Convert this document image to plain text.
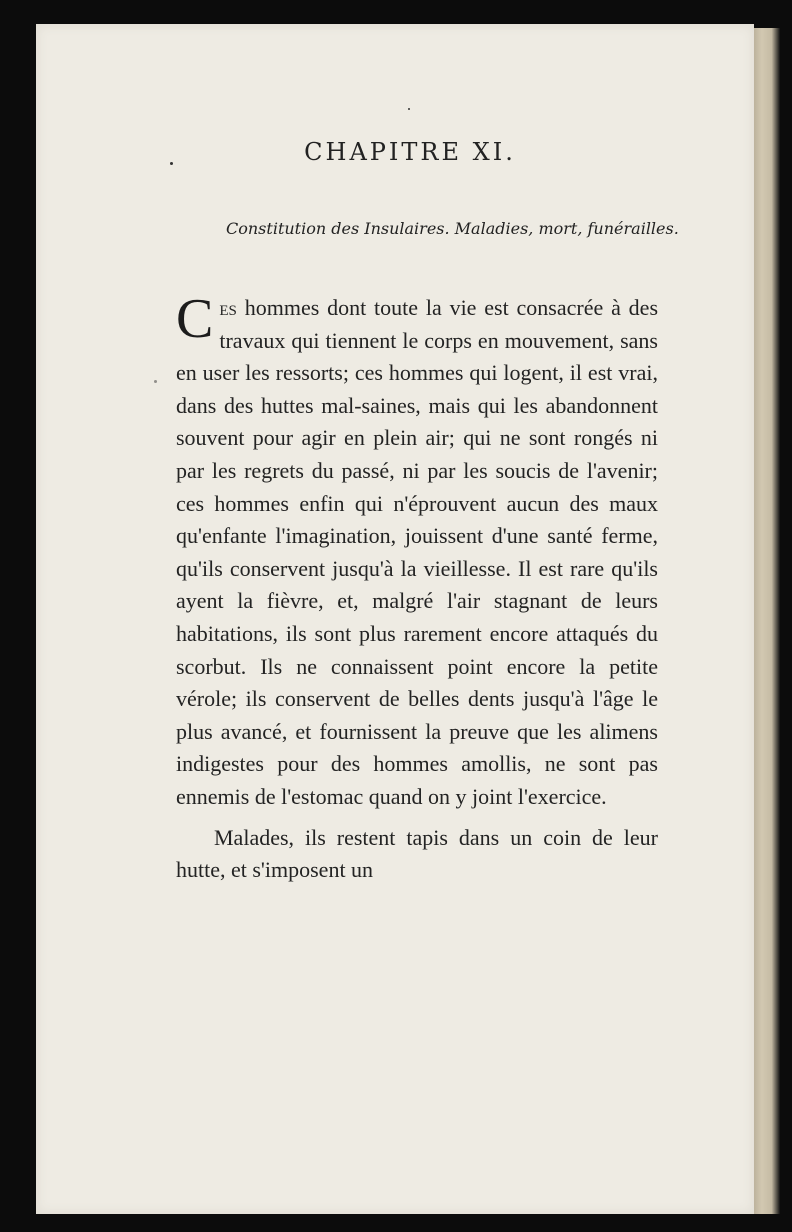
CHAPITRE XI.
Constitution des Insulaires. Maladies, mort, funérailles.

Ces hommes dont toute la vie est consacrée à des travaux qui tiennent le corps en mouvement, sans en user les ressorts; ces hommes qui logent, il est vrai, dans des huttes mal-saines, mais qui les abandonnent souvent pour agir en plein air; qui ne sont rongés ni par les regrets du passé, ni par les soucis de l'avenir; ces hommes enfin qui n'éprouvent aucun des maux qu'enfante l'imagination, jouissent d'une santé ferme, qu'ils conservent jusqu'à la vieillesse. Il est rare qu'ils ayent la fièvre, et, malgré l'air stagnant de leurs habitations, ils sont plus rarement encore attaqués du scorbut. Ils ne connaissent point encore la petite vérole; ils conservent de belles dents jusqu'à l'âge le plus avancé, et fournissent la preuve que les alimens indigestes pour des hommes amollis, ne sont pas ennemis de l'estomac quand on y joint l'exercice.

Malades, ils restent tapis dans un coin de leur hutte, et s'imposent un
